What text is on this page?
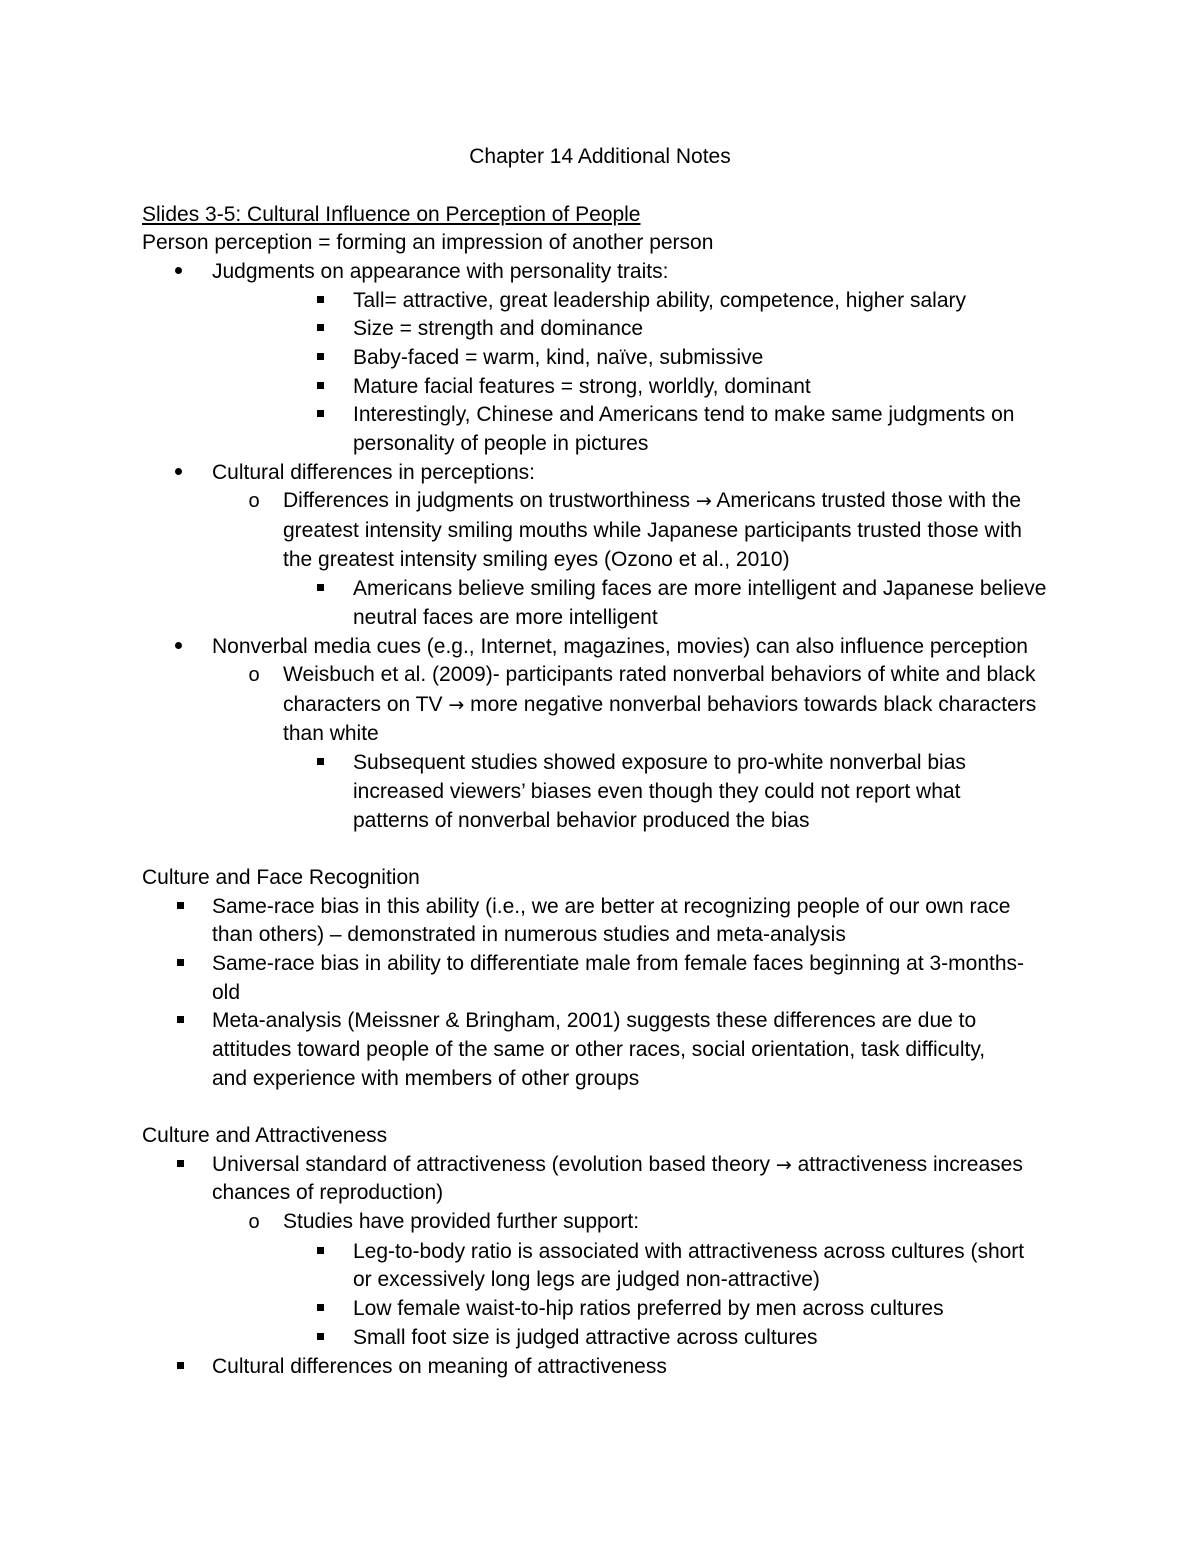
Chapter 14 Additional Notes
Slides 3-5: Cultural Influence on Perception of People
Person perception = forming an impression of another person
Judgments on appearance with personality traits:
Tall= attractive, great leadership ability, competence, higher salary
Size = strength and dominance
Baby-faced = warm, kind, naïve, submissive
Mature facial features = strong, worldly, dominant
Interestingly, Chinese and Americans tend to make same judgments on
personality of people in pictures
Cultural differences in perceptions:
o Differences in judgments on trustworthiness → Americans trusted those with the
greatest intensity smiling mouths while Japanese participants trusted those with
the greatest intensity smiling eyes (Ozono et al., 2010)
Americans believe smiling faces are more intelligent and Japanese believe
neutral faces are more intelligent
Nonverbal media cues (e.g., Internet, magazines, movies) can also influence perception
o Weisbuch et al. (2009)- participants rated nonverbal behaviors of white and black
characters on TV → more negative nonverbal behaviors towards black characters
than white
Subsequent studies showed exposure to pro-white nonverbal bias
increased viewers’ biases even though they could not report what
patterns of nonverbal behavior produced the bias
Culture and Face Recognition
Same-race bias in this ability (i.e., we are better at recognizing people of our own race
than others) – demonstrated in numerous studies and meta-analysis
Same-race bias in ability to differentiate male from female faces beginning at 3-months-
old
Meta-analysis (Meissner & Bringham, 2001) suggests these differences are due to
attitudes toward people of the same or other races, social orientation, task difficulty,
and experience with members of other groups
Culture and Attractiveness
Universal standard of attractiveness (evolution based theory → attractiveness increases
chances of reproduction)
o Studies have provided further support:
Leg-to-body ratio is associated with attractiveness across cultures (short
or excessively long legs are judged non-attractive)
Low female waist-to-hip ratios preferred by men across cultures
Small foot size is judged attractive across cultures
Cultural differences on meaning of attractiveness
